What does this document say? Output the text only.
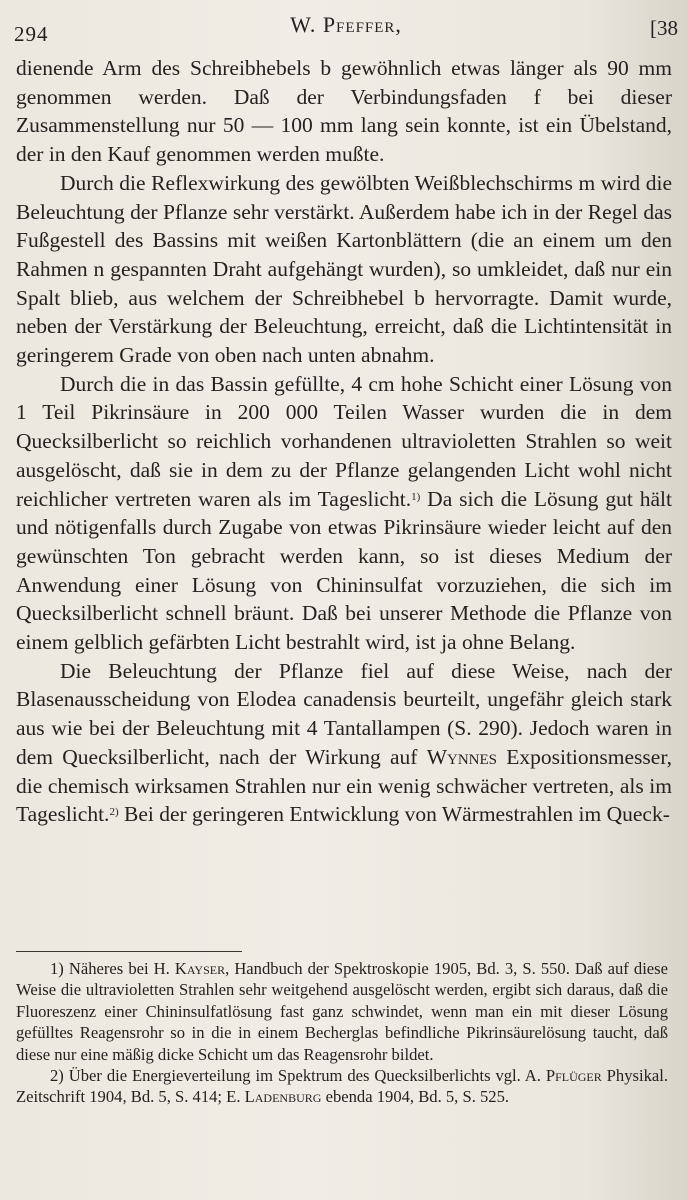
294	W. Pfeffer,	[38

dienende Arm des Schreibhebels b gewöhnlich etwas länger als 90 mm genommen werden. Daß der Verbindungsfaden f bei dieser Zusammenstellung nur 50 — 100 mm lang sein konnte, ist ein Übelstand, der in den Kauf genommen werden mußte.

Durch die Reflexwirkung des gewölbten Weißblechschirms m wird die Beleuchtung der Pflanze sehr verstärkt. Außerdem habe ich in der Regel das Fußgestell des Bassins mit weißen Kartonblättern (die an einem um den Rahmen n gespannten Draht aufgehängt wurden), so umkleidet, daß nur ein Spalt blieb, aus welchem der Schreibhebel b hervorragte. Damit wurde, neben der Verstärkung der Beleuchtung, erreicht, daß die Lichtintensität in geringerem Grade von oben nach unten abnahm.

Durch die in das Bassin gefüllte, 4 cm hohe Schicht einer Lösung von 1 Teil Pikrinsäure in 200 000 Teilen Wasser wurden die in dem Quecksilberlicht so reichlich vorhandenen ultravioletten Strahlen so weit ausgelöscht, daß sie in dem zu der Pflanze gelangenden Licht wohl nicht reichlicher vertreten waren als im Tageslicht.$^{1)}$ Da sich die Lösung gut hält und nötigenfalls durch Zugabe von etwas Pikrinsäure wieder leicht auf den gewünschten Ton gebracht werden kann, so ist dieses Medium der Anwendung einer Lösung von Chininsulfat vorzuziehen, die sich im Quecksilberlicht schnell bräunt. Daß bei unserer Methode die Pflanze von einem gelblich gefärbten Licht bestrahlt wird, ist ja ohne Belang.

Die Beleuchtung der Pflanze fiel auf diese Weise, nach der Blasenausscheidung von Elodea canadensis beurteilt, ungefähr gleich stark aus wie bei der Beleuchtung mit 4 Tantallampen (S. 290). Jedoch waren in dem Quecksilberlicht, nach der Wirkung auf Wynnes Expositionsmesser, die chemisch wirksamen Strahlen nur ein wenig schwächer vertreten, als im Tageslicht.$^{2)}$ Bei der geringeren Entwicklung von Wärmestrahlen im Queck-

1) Näheres bei H. Kayser, Handbuch der Spektroskopie 1905, Bd. 3, S. 550. Daß auf diese Weise die ultravioletten Strahlen sehr weitgehend ausgelöscht werden, ergibt sich daraus, daß die Fluoreszenz einer Chininsulfatlösung fast ganz schwindet, wenn man ein mit dieser Lösung gefülltes Reagensrohr so in die in einem Becherglas befindliche Pikrinsäurelösung taucht, daß diese nur eine mäßig dicke Schicht um das Reagensrohr bildet.

2) Über die Energieverteilung im Spektrum des Quecksilberlichts vgl. A. Pflüger Physikal. Zeitschrift 1904, Bd. 5, S. 414; E. Ladenburg ebenda 1904, Bd. 5, S. 525.
